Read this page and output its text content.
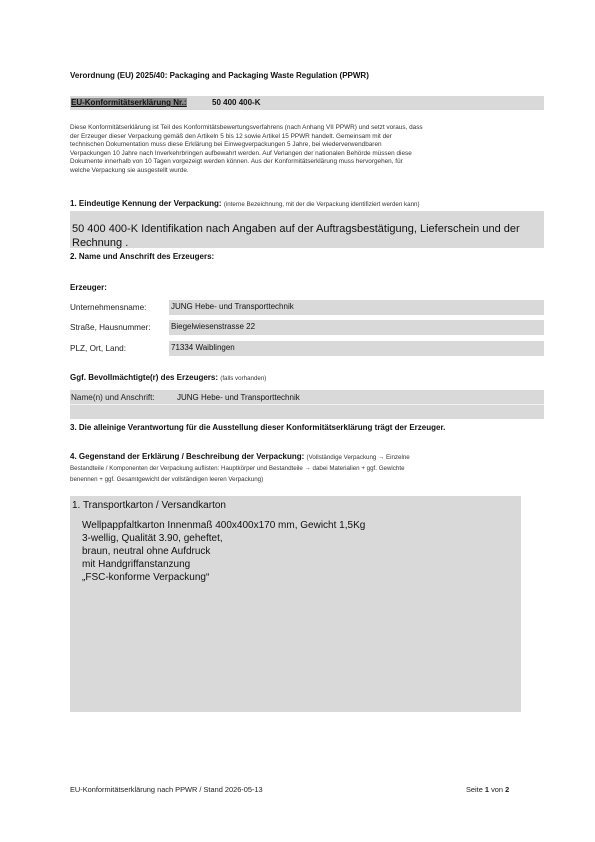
Verordnung (EU) 2025/40: Packaging and Packaging Waste Regulation (PPWR)
EU-Konformitätserklärung Nr.:	50 400 400-K
Diese Konformitätserklärung ist Teil des Konformitätsbewertungsverfahrens (nach Anhang VII PPWR) und setzt voraus, dass
der Erzeuger dieser Verpackung gemäß den Artikeln 5 bis 12 sowie Artikel 15 PPWR handelt. Gemeinsam mit der
technischen Dokumentation muss diese Erklärung bei Einwegverpackungen 5 Jahre, bei wiederverwendbaren
Verpackungen 10 Jahre nach Inverkehrbringen aufbewahrt werden. Auf Verlangen der nationalen Behörde müssen diese
Dokumente innerhalb von 10 Tagen vorgezeigt werden können. Aus der Konformitätserklärung muss hervorgehen, für
welche Verpackung sie ausgestellt wurde.
1. Eindeutige Kennung der Verpackung: (interne Bezeichnung, mit der die Verpackung identifiziert werden kann)
50 400 400-K Identifikation nach Angaben auf der Auftragsbestätigung, Lieferschein und der
Rechnung .
2. Name und Anschrift des Erzeugers:
Erzeuger:
Unternehmensname:	JUNG Hebe- und Transporttechnik
Straße, Hausnummer:	Biegelwiesenstrasse 22
PLZ, Ort, Land:	71334 Waiblingen
Ggf. Bevollmächtigte(r) des Erzeugers: (falls vorhanden)
Name(n) und Anschrift:	JUNG Hebe- und Transporttechnik
3. Die alleinige Verantwortung für die Ausstellung dieser Konformitätserklärung trägt der Erzeuger.
4. Gegenstand der Erklärung / Beschreibung der Verpackung: (Vollständige Verpackung → Einzelne
Bestandteile / Komponenten der Verpackung auflisten: Hauptkörper und Bestandteile → dabei Materialien + ggf. Gewichte
benennen + ggf. Gesamtgewicht der vollständigen leeren Verpackung)
1. Transportkarton / Versandkarton
Wellpappfaltkarton Innenmaß 400x400x170 mm, Gewicht 1,5Kg
3-wellig, Qualität 3.90, geheftet,
braun, neutral ohne Aufdruck
mit Handgriffanstanzung
„FSC-konforme Verpackung“
EU-Konformitätserklärung nach PPWR / Stand 2026-05-13	Seite 1 von 2
